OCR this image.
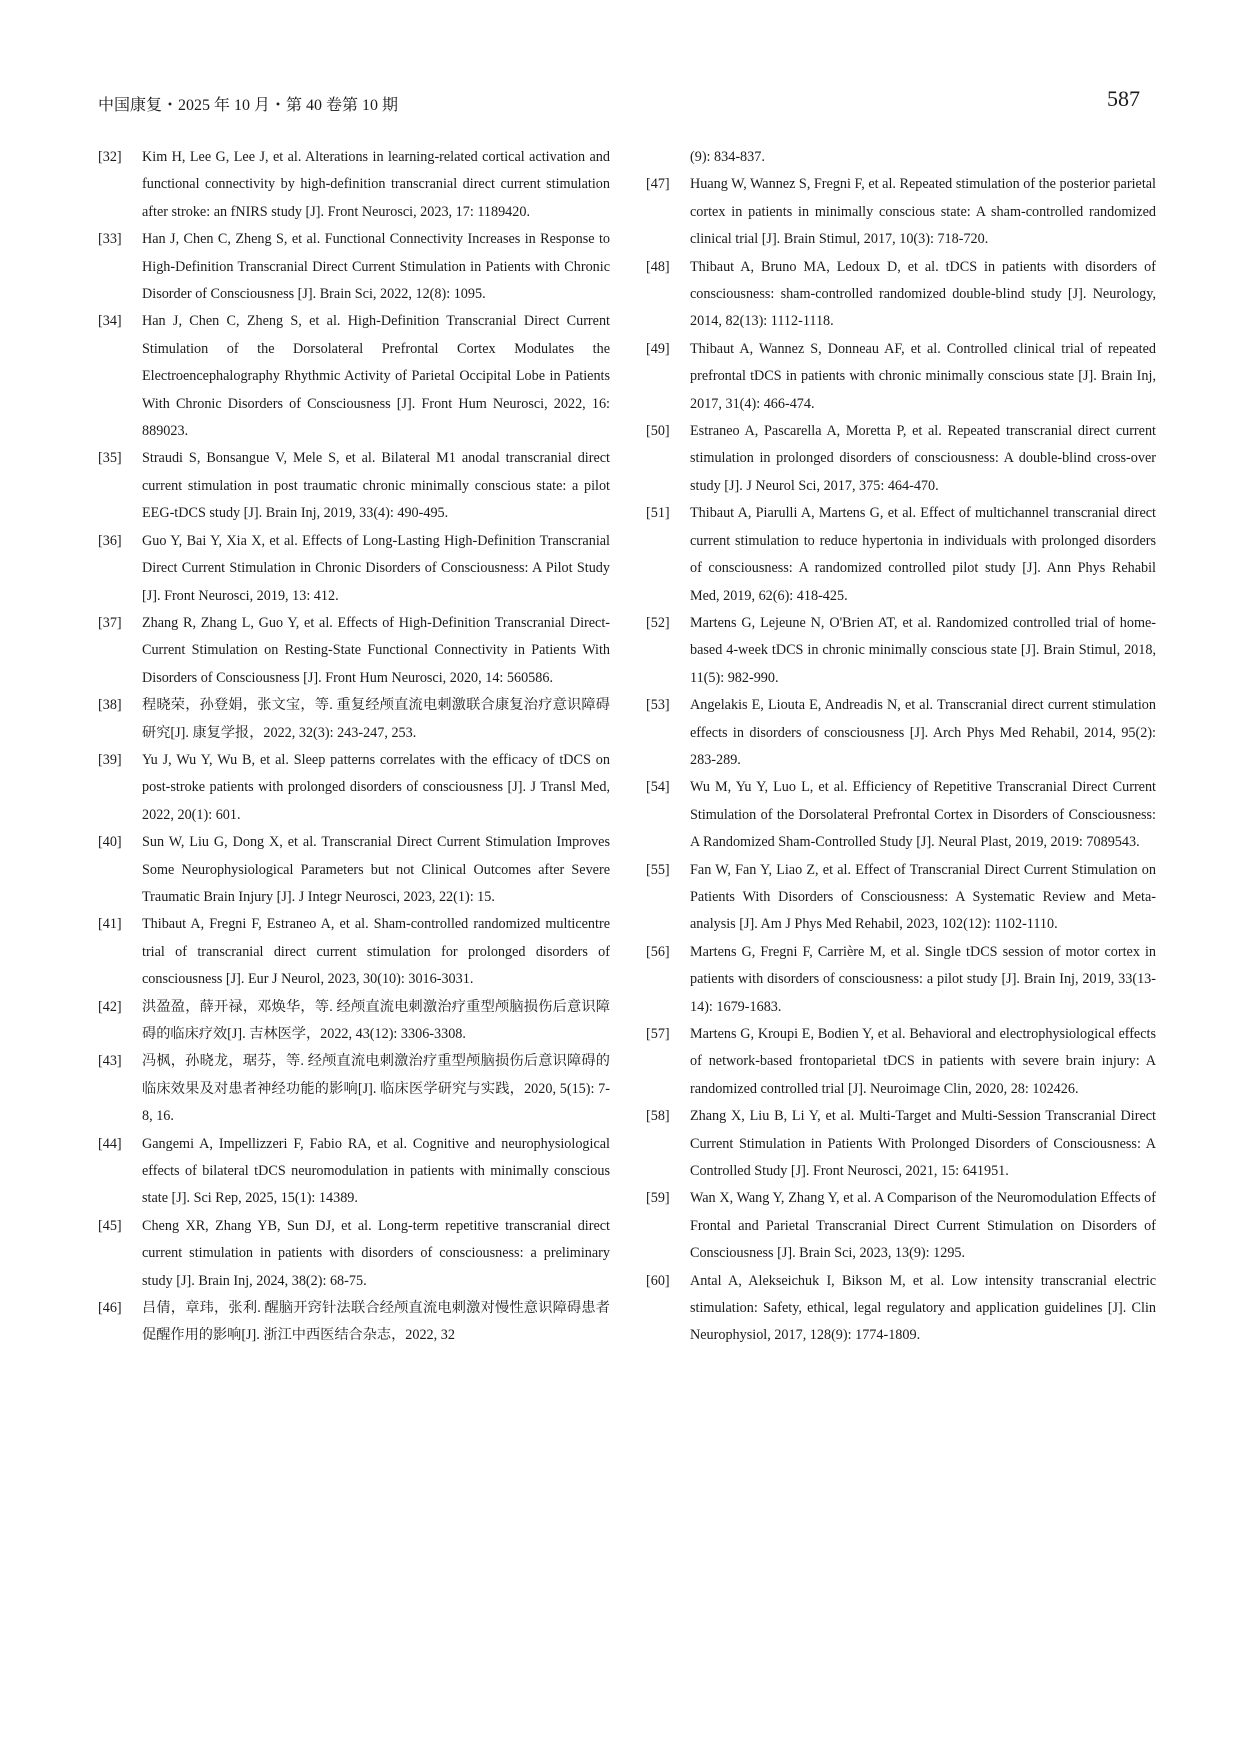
中国康复・2025 年 10 月・第 40 卷第 10 期	587
[32]	Kim H, Lee G, Lee J, et al. Alterations in learning-related cortical activation and functional connectivity by high-definition transcranial direct current stimulation after stroke: an fNIRS study [J]. Front Neurosci, 2023, 17: 1189420.
[33]	Han J, Chen C, Zheng S, et al. Functional Connectivity Increases in Response to High-Definition Transcranial Direct Current Stimulation in Patients with Chronic Disorder of Consciousness [J]. Brain Sci, 2022, 12(8): 1095.
[34]	Han J, Chen C, Zheng S, et al. High-Definition Transcranial Direct Current Stimulation of the Dorsolateral Prefrontal Cortex Modulates the Electroencephalography Rhythmic Activity of Parietal Occipital Lobe in Patients With Chronic Disorders of Consciousness [J]. Front Hum Neurosci, 2022, 16: 889023.
[35]	Straudi S, Bonsangue V, Mele S, et al. Bilateral M1 anodal transcranial direct current stimulation in post traumatic chronic minimally conscious state: a pilot EEG-tDCS study [J]. Brain Inj, 2019, 33(4): 490-495.
[36]	Guo Y, Bai Y, Xia X, et al. Effects of Long-Lasting High-Definition Transcranial Direct Current Stimulation in Chronic Disorders of Consciousness: A Pilot Study [J]. Front Neurosci, 2019, 13: 412.
[37]	Zhang R, Zhang L, Guo Y, et al. Effects of High-Definition Transcranial Direct-Current Stimulation on Resting-State Functional Connectivity in Patients With Disorders of Consciousness [J]. Front Hum Neurosci, 2020, 14: 560586.
[38]	程晓荣，孙登娟，张文宝，等. 重复经颅直流电刺激联合康复治疗意识障碍研究[J]. 康复学报，2022, 32(3): 243-247, 253.
[39]	Yu J, Wu Y, Wu B, et al. Sleep patterns correlates with the efficacy of tDCS on post-stroke patients with prolonged disorders of consciousness [J]. J Transl Med, 2022, 20(1): 601.
[40]	Sun W, Liu G, Dong X, et al. Transcranial Direct Current Stimulation Improves Some Neurophysiological Parameters but not Clinical Outcomes after Severe Traumatic Brain Injury [J]. J Integr Neurosci, 2023, 22(1): 15.
[41]	Thibaut A, Fregni F, Estraneo A, et al. Sham-controlled randomized multicentre trial of transcranial direct current stimulation for prolonged disorders of consciousness [J]. Eur J Neurol, 2023, 30(10): 3016-3031.
[42]	洪盈盈，薛开禄，邓焕华，等. 经颅直流电刺激治疗重型颅脑损伤后意识障碍的临床疗效[J]. 吉林医学，2022, 43(12): 3306-3308.
[43]	冯枫，孙晓龙，琚芬，等. 经颅直流电刺激治疗重型颅脑损伤后意识障碍的临床效果及对患者神经功能的影响[J]. 临床医学研究与实践，2020, 5(15): 7-8, 16.
[44]	Gangemi A, Impellizzeri F, Fabio RA, et al. Cognitive and neurophysiological effects of bilateral tDCS neuromodulation in patients with minimally conscious state [J]. Sci Rep, 2025, 15(1): 14389.
[45]	Cheng XR, Zhang YB, Sun DJ, et al. Long-term repetitive transcranial direct current stimulation in patients with disorders of consciousness: a preliminary study [J]. Brain Inj, 2024, 38(2): 68-75.
[46]	吕倩，章玮，张利. 醒脑开窍针法联合经颅直流电刺激对慢性意识障碍患者促醒作用的影响[J]. 浙江中西医结合杂志，2022, 32
(9): 834-837.
[47]	Huang W, Wannez S, Fregni F, et al. Repeated stimulation of the posterior parietal cortex in patients in minimally conscious state: A sham-controlled randomized clinical trial [J]. Brain Stimul, 2017, 10(3): 718-720.
[48]	Thibaut A, Bruno MA, Ledoux D, et al. tDCS in patients with disorders of consciousness: sham-controlled randomized double-blind study [J]. Neurology, 2014, 82(13): 1112-1118.
[49]	Thibaut A, Wannez S, Donneau AF, et al. Controlled clinical trial of repeated prefrontal tDCS in patients with chronic minimally conscious state [J]. Brain Inj, 2017, 31(4): 466-474.
[50]	Estraneo A, Pascarella A, Moretta P, et al. Repeated transcranial direct current stimulation in prolonged disorders of consciousness: A double-blind cross-over study [J]. J Neurol Sci, 2017, 375: 464-470.
[51]	Thibaut A, Piarulli A, Martens G, et al. Effect of multichannel transcranial direct current stimulation to reduce hypertonia in individuals with prolonged disorders of consciousness: A randomized controlled pilot study [J]. Ann Phys Rehabil Med, 2019, 62(6): 418-425.
[52]	Martens G, Lejeune N, O'Brien AT, et al. Randomized controlled trial of home-based 4-week tDCS in chronic minimally conscious state [J]. Brain Stimul, 2018, 11(5): 982-990.
[53]	Angelakis E, Liouta E, Andreadis N, et al. Transcranial direct current stimulation effects in disorders of consciousness [J]. Arch Phys Med Rehabil, 2014, 95(2): 283-289.
[54]	Wu M, Yu Y, Luo L, et al. Efficiency of Repetitive Transcranial Direct Current Stimulation of the Dorsolateral Prefrontal Cortex in Disorders of Consciousness: A Randomized Sham-Controlled Study [J]. Neural Plast, 2019, 2019: 7089543.
[55]	Fan W, Fan Y, Liao Z, et al. Effect of Transcranial Direct Current Stimulation on Patients With Disorders of Consciousness: A Systematic Review and Meta-analysis [J]. Am J Phys Med Rehabil, 2023, 102(12): 1102-1110.
[56]	Martens G, Fregni F, Carrière M, et al. Single tDCS session of motor cortex in patients with disorders of consciousness: a pilot study [J]. Brain Inj, 2019, 33(13-14): 1679-1683.
[57]	Martens G, Kroupi E, Bodien Y, et al. Behavioral and electrophysiological effects of network-based frontoparietal tDCS in patients with severe brain injury: A randomized controlled trial [J]. Neuroimage Clin, 2020, 28: 102426.
[58]	Zhang X, Liu B, Li Y, et al. Multi-Target and Multi-Session Transcranial Direct Current Stimulation in Patients With Prolonged Disorders of Consciousness: A Controlled Study [J]. Front Neurosci, 2021, 15: 641951.
[59]	Wan X, Wang Y, Zhang Y, et al. A Comparison of the Neuromodulation Effects of Frontal and Parietal Transcranial Direct Current Stimulation on Disorders of Consciousness [J]. Brain Sci, 2023, 13(9): 1295.
[60]	Antal A, Alekseichuk I, Bikson M, et al. Low intensity transcranial electric stimulation: Safety, ethical, legal regulatory and application guidelines [J]. Clin Neurophysiol, 2017, 128(9): 1774-1809.
